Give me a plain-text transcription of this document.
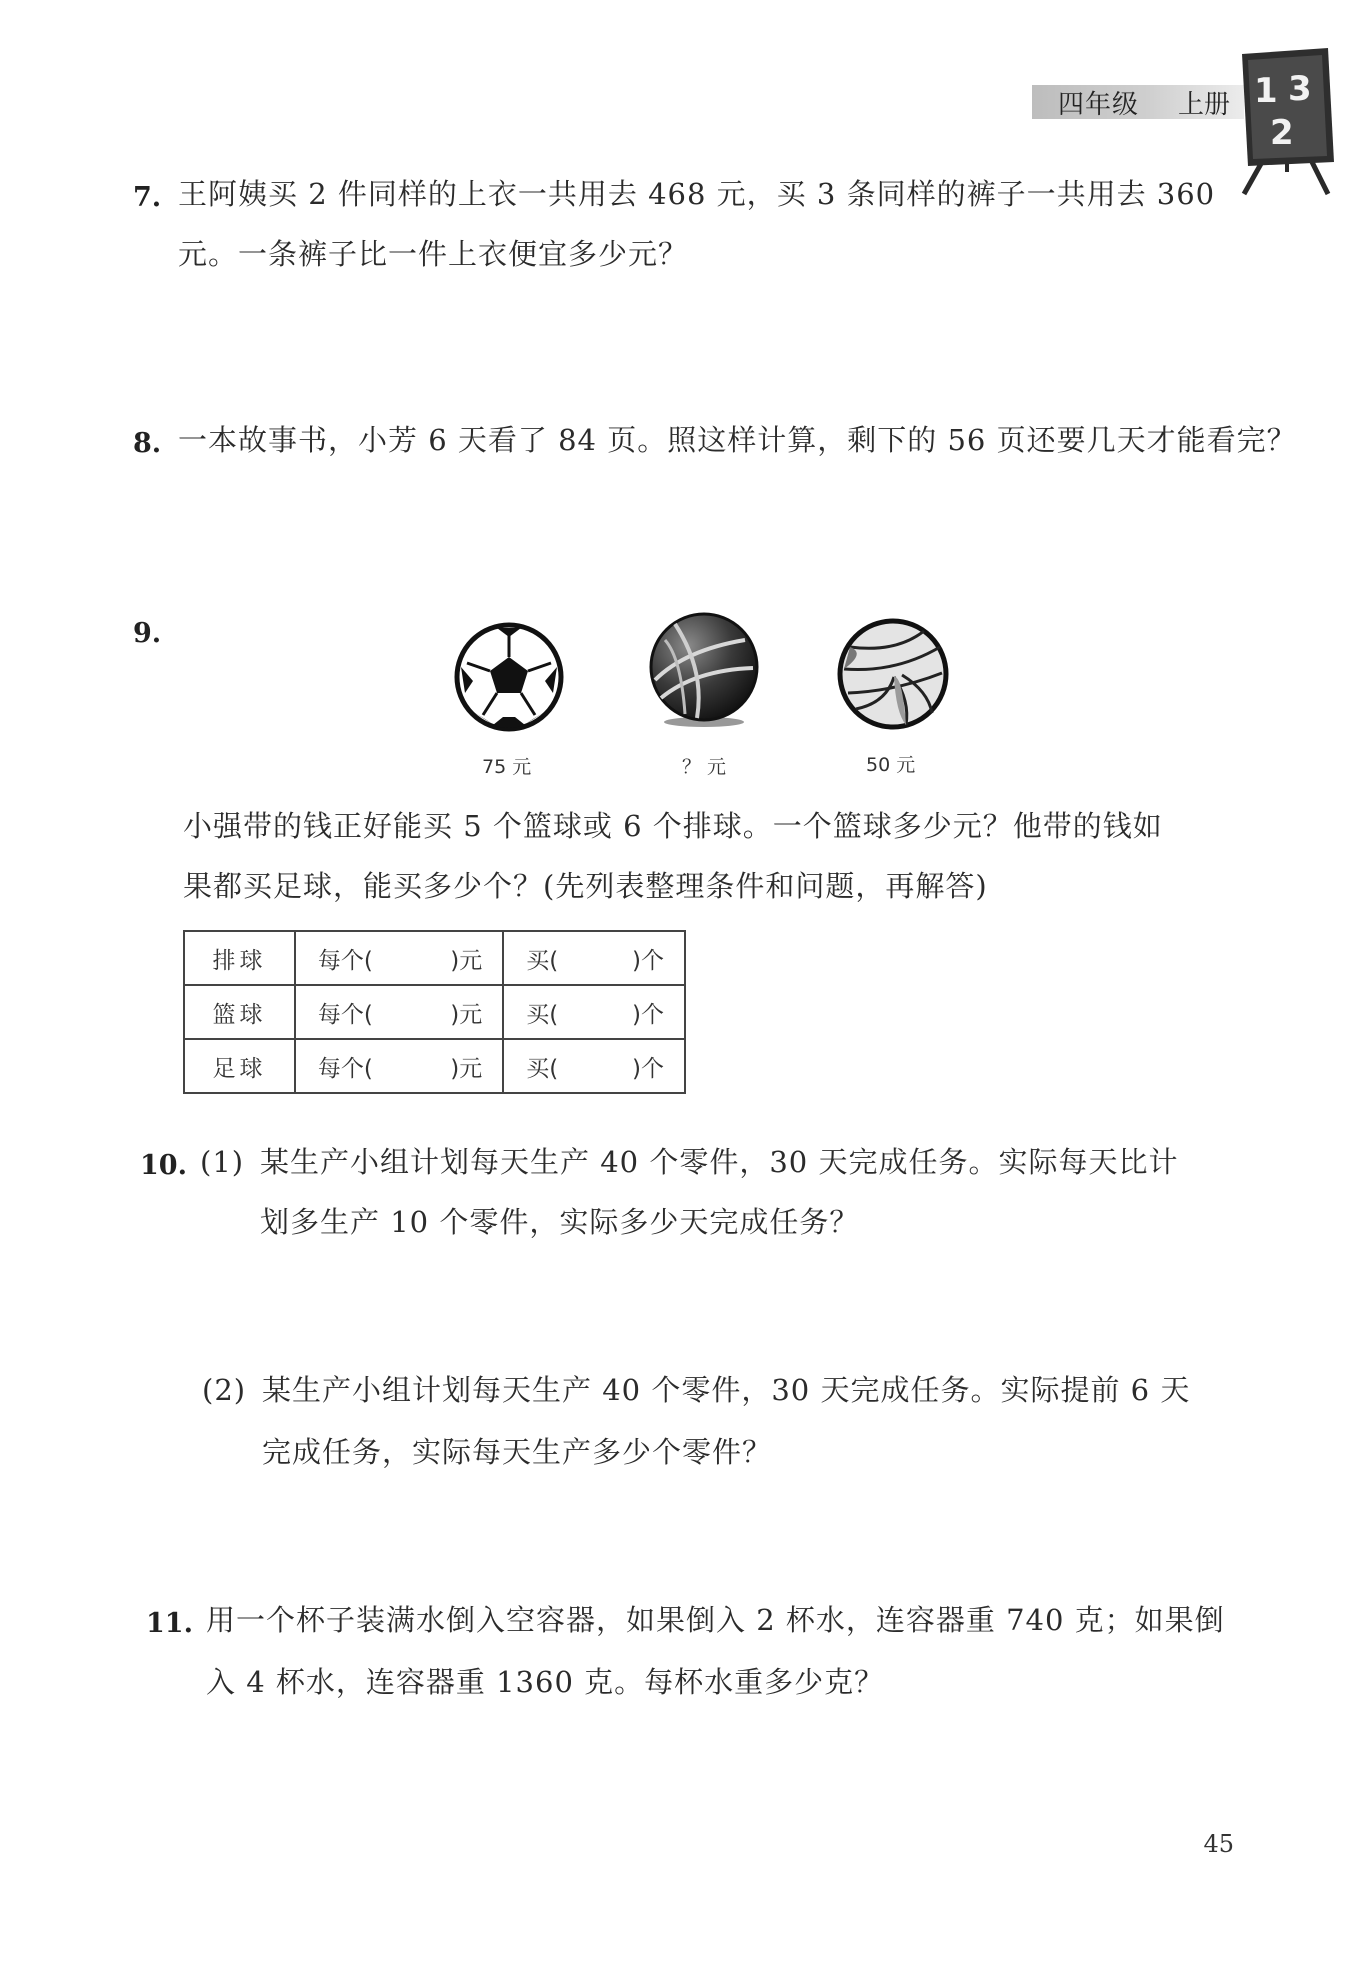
四年级 上册 1 3
2
7. 王阿姨买 2 件同样的上衣一共用去 468 元，买 3 条同样的裤子一共用去 360
元。一条裤子比一件上衣便宜多少元？
8. 一本故事书，小芳 6 天看了 84 页。照这样计算，剩下的 56 页还要几天才能看完？
9.
75 元	？ 元	50 元
小强带的钱正好能买 5 个篮球或 6 个排球。一个篮球多少元？他带的钱如
果都买足球，能买多少个？(先列表整理条件和问题，再解答)
排球	每个( )元	买( )个

篮球	每个( )元	买( )个

足球	每个( )元	买( )个
10. (1) 某生产小组计划每天生产 40 个零件，30 天完成任务。实际每天比计
划多生产 10 个零件，实际多少天完成任务？
(2) 某生产小组计划每天生产 40 个零件，30 天完成任务。实际提前 6 天
完成任务，实际每天生产多少个零件？
11. 用一个杯子装满水倒入空容器，如果倒入 2 杯水，连容器重 740 克；如果倒
入 4 杯水，连容器重 1360 克。每杯水重多少克？
45
